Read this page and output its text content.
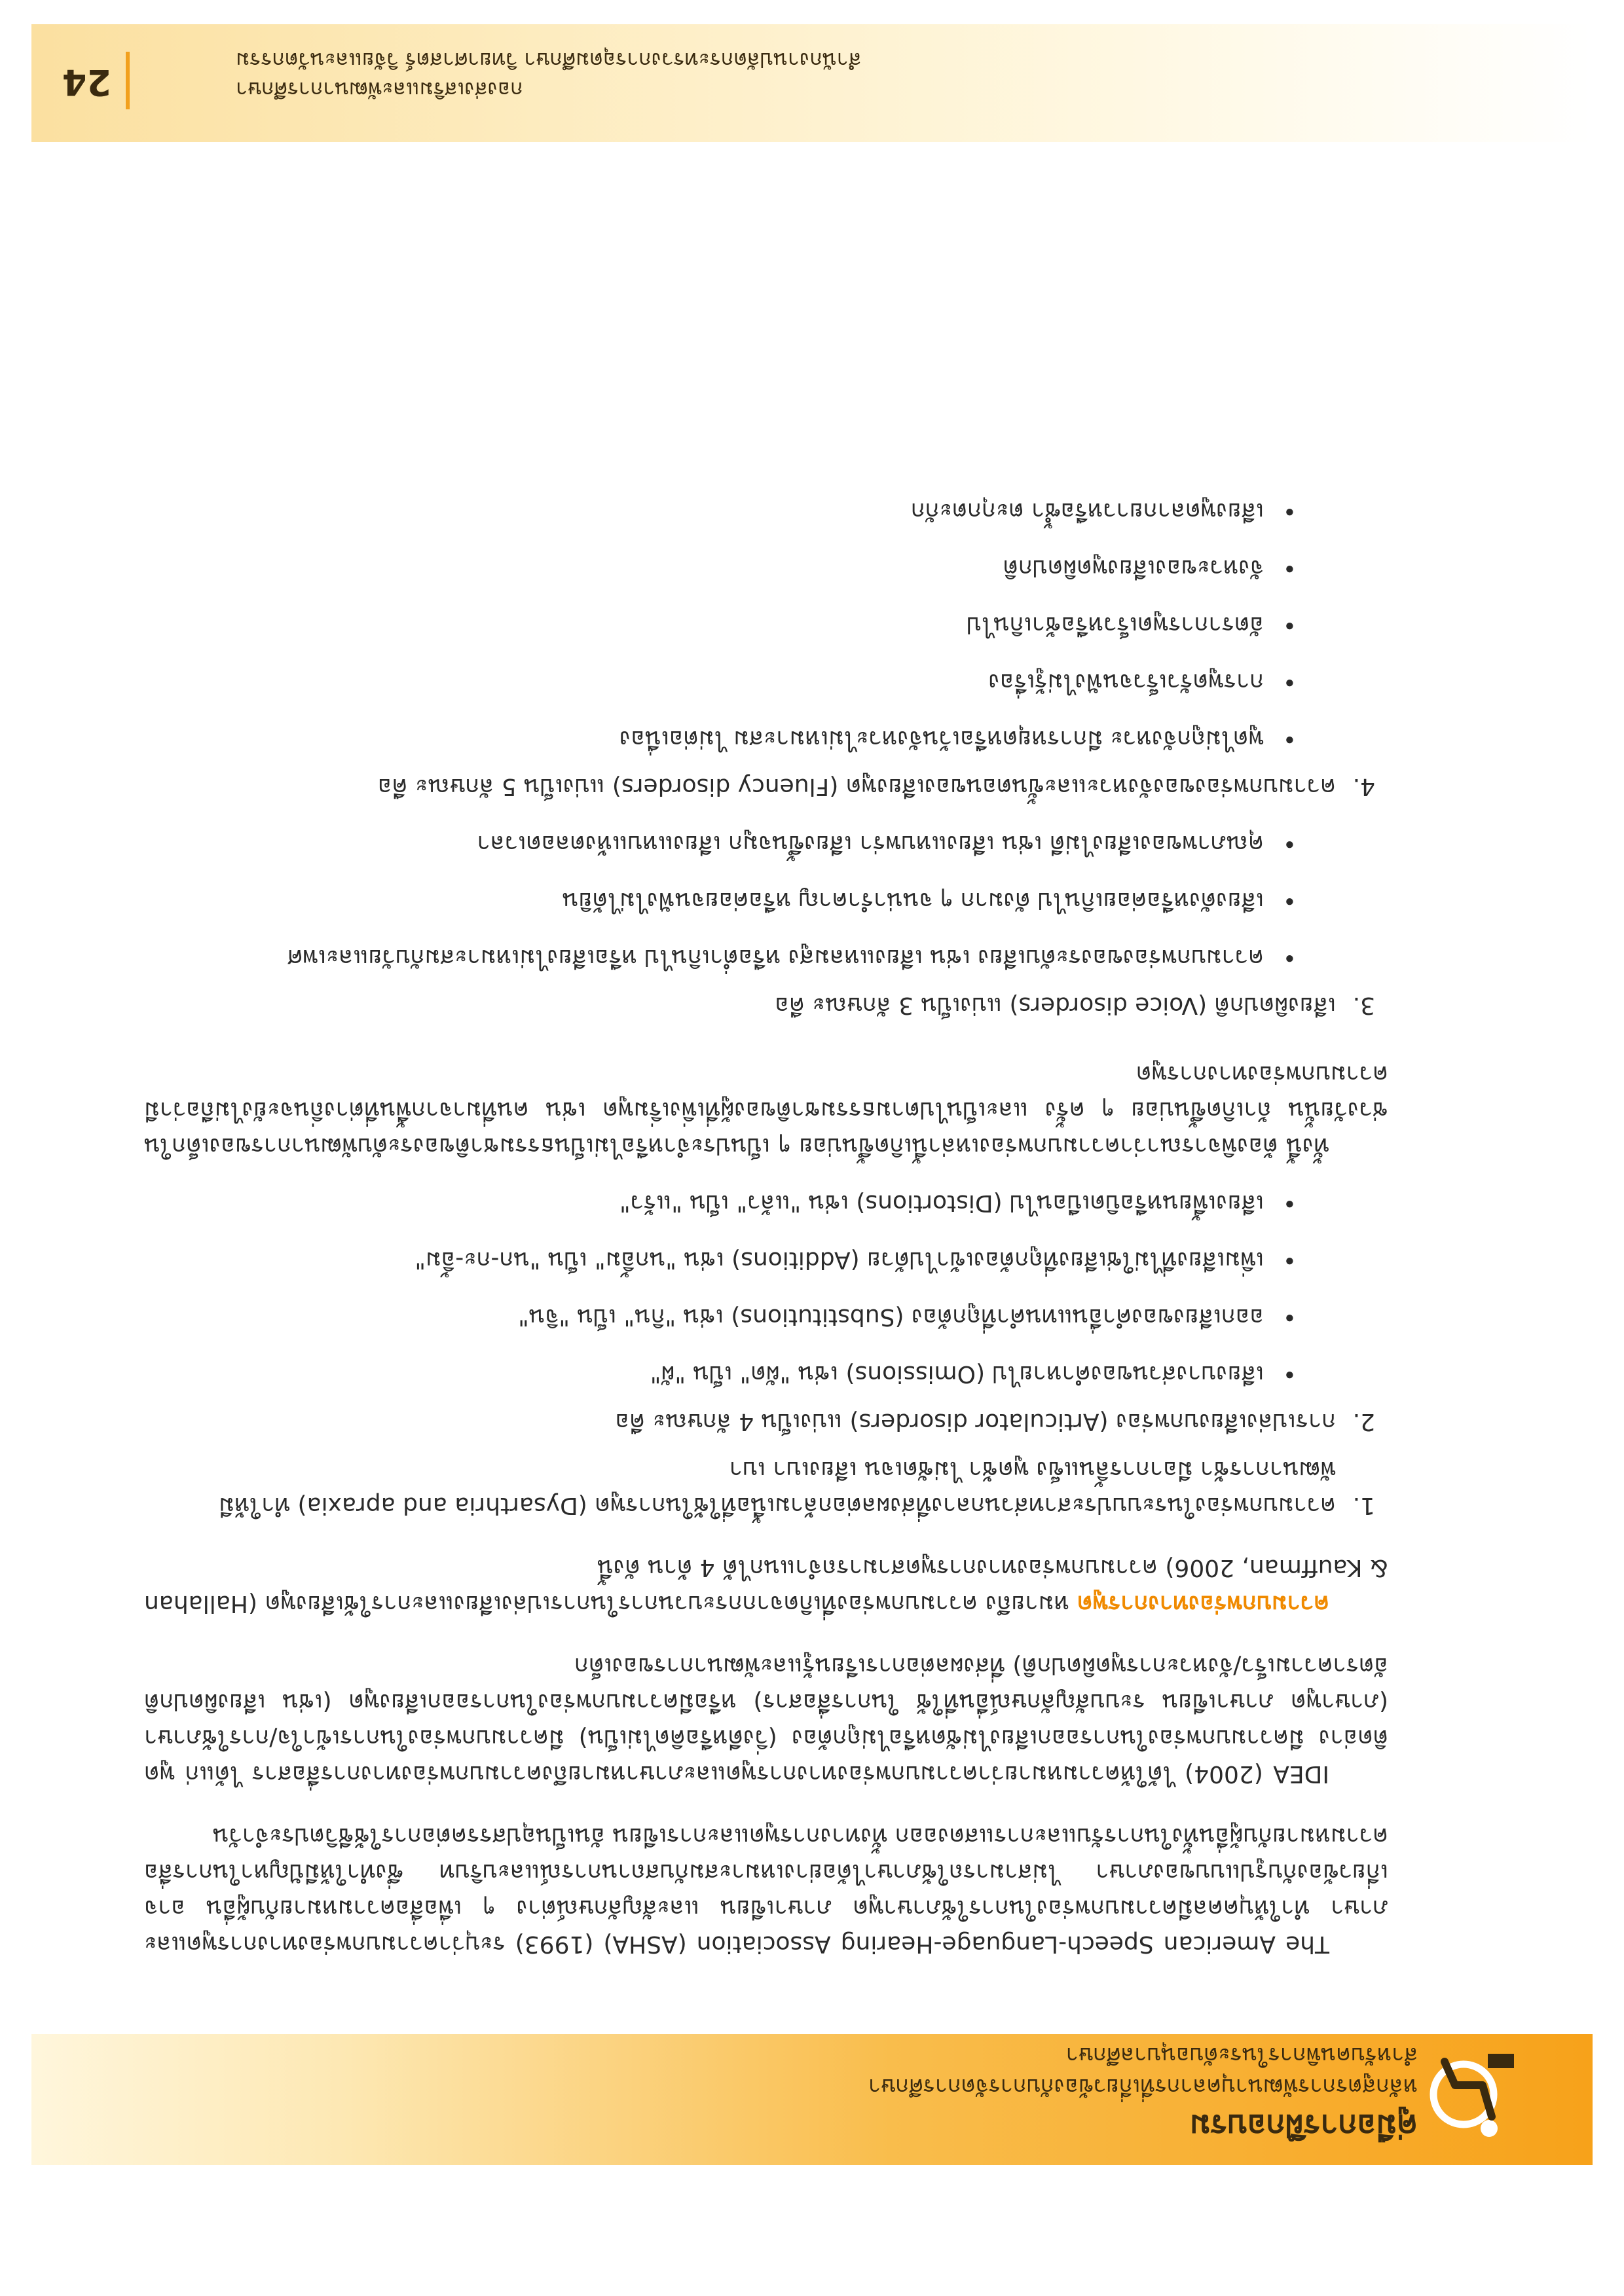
คู่มือการฝึกอบรม
หลักสูตรการพัฒนาบุคลากรที่เกี่ยวข้องกับการจัดการศึกษา
สำหรับคนพิการในระดับอนุบาลศึกษา

The American Speech-Language-Hearing Association (ASHA) (1993) ระบุว่าความบกพร่องทางการพูดและภาษา ทำให้บุคคลมีความบกพร่องในการใช้ภาษาพูด ภาษาเขียน และสัญลักษณ์ต่าง ๆ เพื่อสื่อความหมายกับผู้อื่น อาจเกี่ยวข้องกับรูปแบบของภาษา ไม่สามารถใช้ภาษาได้อย่างเหมาะสมกับสถานการณ์และบริบท ซึ่งทำให้มีปัญหาในการสื่อความหมายกับผู้อื่นทั้งในการรับและการแสดงออก ทั้งทางการพูดและการเขียน อันเป็นอุปสรรคต่อการใช้ชีวิตประจำวัน

IDEA (2004) ได้ให้ความหมายว่าความบกพร่องทางการพูดและภาษาหมายถึงความบกพร่องทางการสื่อสาร ได้แก่ พูดติดอ่าง มีความบกพร่องในการออกเสียงไม่ชัดหรือไม่ถูกต้อง (วิ่งดีหรือคิดไม่เป็น) มีความบกพร่องในการเข้าใจ/การใช้ภาษา (ภาษาพูด ภาษาเขียน ระบบสัญลักษณ์อื่นที่ใช้ ในการสื่อสาร) หรือมีความบกพร่องในการออกเสียงพูด (เช่น เสียงผิดปกติ อัตราความเร็ว/จังหวะการพูดผิดปกติ) ที่ส่งผลต่อการเรียนรู้และพัฒนาการของเด็ก

ความบกพร่องทางการพูด หมายถึง ความบกพร่องที่เกิดจากกระบวนการในการเปล่งเสียงและการใช้เสียงพูด (Hallahan & Kauffman, 2006) ความบกพร่องทางการพูดสามารถจำแนกได้ 4 ด้าน ดังนี้

1.ความบกพร่องในระบบประสาทส่วนกลางที่ส่งผลต่อกล้ามเนื้อที่ใช้ในการพูด (Dysarthria and apraxia) ทำให้มีพัฒนาการช้า มีอาการลิ้นแข็ง พูดช้า ไม่ชัดเจน เสียงเบา เบา
2.การเปล่งเสียงบกพร่อง (Articulator disorders) แบ่งเป็น 4 ลักษณะ คือ
• เสียงบางส่วนของคำหายไป (Omissions) เช่น "ผัด" เป็น "ผั"
• ออกเสียงของคำอื่นแทนคำที่ถูกต้อง (Substitutions) เช่น "กิน" เป็น "จิน"
• เพิ่มเสียงที่ไม่ใช่เสียงที่ถูกต้องเข้าไปด้วย (Additions) เช่น "นกอิ้ม" เป็น "นก-กะ-อิ้ม"
• เสียงเพี้ยนหรือบิดเบือนไป (Distortions) เช่น "แล้ว" เป็น "แร้ว"

ทั้งนี้ ต้องพิจารณาว่าความบกพร่องเหล่านี้เกิดขึ้นบ่อย ๆ เป็นประจำหรือไม่เป็นธรรมชาติของระดับพัฒนาการของเด็กในช่วงวัยนั้น ถ้าเกิดขึ้นบ่อย ๆ ครั้ง และเป็นไปตามธรรมชาติของผู้ที่เพิ่งเริ่มพูด เช่น คนที่มาจากพื้นที่ต่างถิ่นจะยังไม่ถือว่ามีความบกพร่องทางการพูด

3.เสียงผิดปกติ (Voice disorders) แบ่งเป็น 3 ลักษณะ คือ
• ความบกพร่องของระดับเสียง เช่น เสียงแหลมสูง หรือต่ำเกินไป หรือเสียงไม่เหมาะสมกับวัยและเพศ
• เสียงดังหรือค่อยเกินไป ดังมาก ๆ จนน่ารำคาญ หรือค่อยจนฟังไม่ได้ยิน
• คุณภาพของเสียงไม่ดี เช่น เสียงแหบพร่า เสียงขึ้นจมูก เสียงแหบแห้งตลอดเวลา
4.ความบกพร่องของจังหวะและขั้นตอนของเสียงพูด (Fluency disorders) แบ่งเป็น 5 ลักษณะ คือ
• พูดไม่ถูกจังหวะ มีการหยุดหรือเว้นจังหวะไม่เหมาะสม ไม่ต่อเนื่อง
• การพูดรัวเร็วจนฟังไม่รู้เรื่อง
• อัตราการพูดเร็วหรือช้าเกินไป
• จังหวะของเสียงพูดผิดปกติ
• เสียงพูดลากยาวหรือซ้ำ ตะกุกตะกัก
กองส่งเสริมและพัฒนาการศึกษา
สำนักงานปลัดกระทรวงการอุดมศึกษา วิทยาศาสตร์ วิจัยและนวัตกรรม
24
